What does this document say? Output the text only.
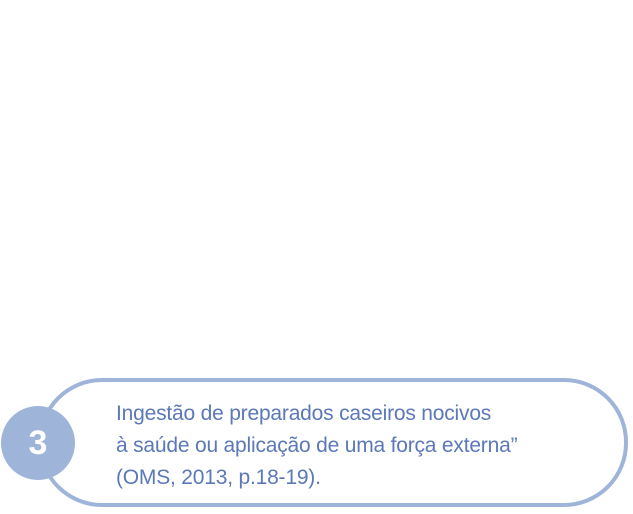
3
Ingestão de preparados caseiros nocivos
à saúde ou aplicação de uma força externa”
(OMS, 2013, p.18-19).
